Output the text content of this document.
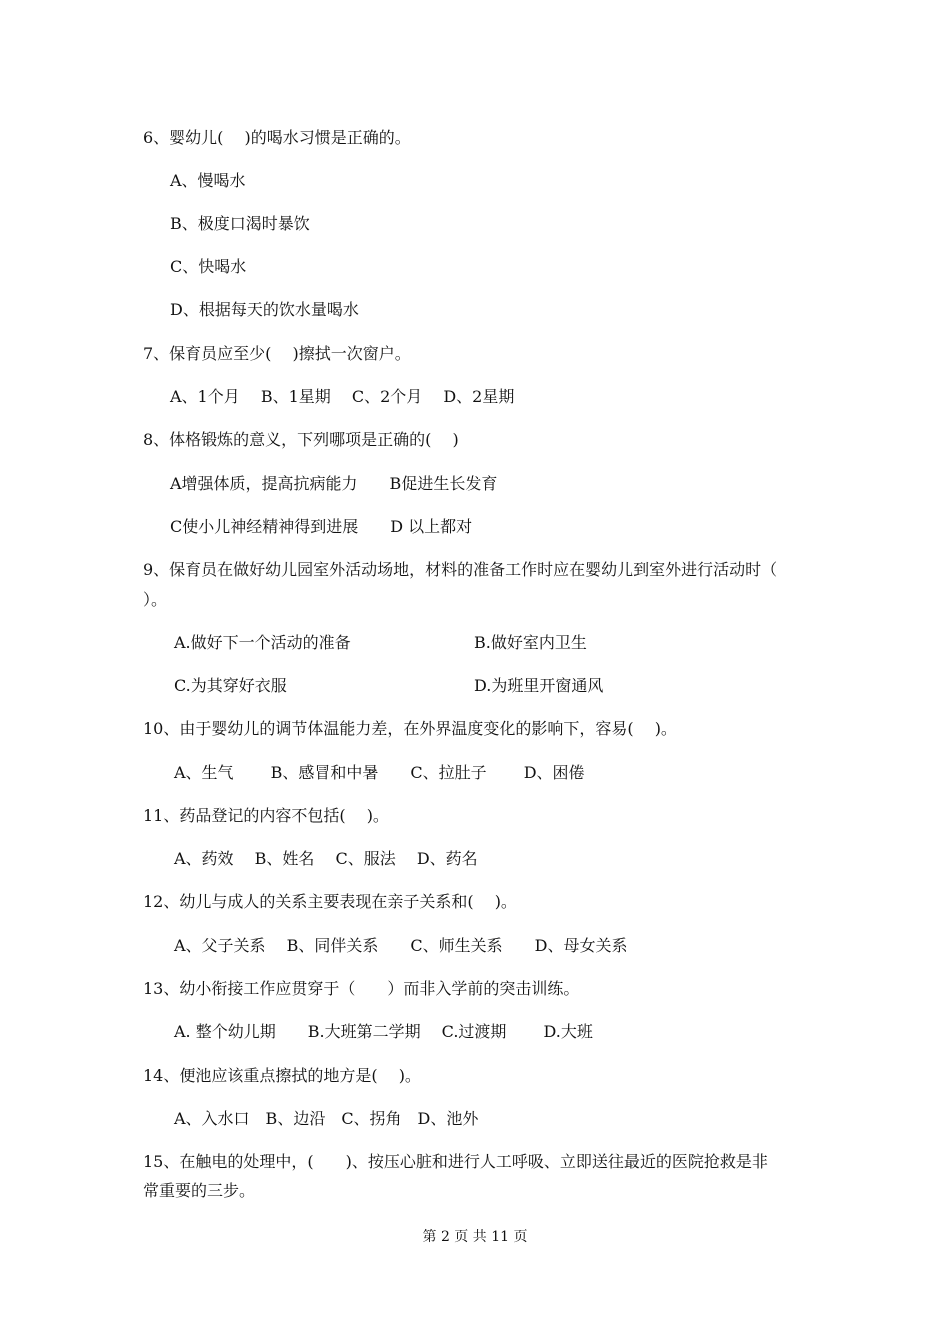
6、婴幼儿(　 )的喝水习惯是正确的。
A、慢喝水
B、极度口渴时暴饮
C、快喝水
D、根据每天的饮水量喝水
7、保育员应至少(　 )擦拭一次窗户。
A、1个月　 B、1星期　 C、2个月　 D、2星期
8、体格锻炼的意义，下列哪项是正确的(　 )
A增强体质，提高抗病能力　　B促进生长发育
C使小儿神经精神得到进展　　D 以上都对
9、保育员在做好幼儿园室外活动场地，材料的准备工作时应在婴幼儿到室外进行活动时（
）。
A.做好下一个活动的准备	B.做好室内卫生
C.为其穿好衣服	D.为班里开窗通风
10、由于婴幼儿的调节体温能力差，在外界温度变化的影响下，容易(　 )。
A、生气　　 B、感冒和中暑　　C、拉肚子　　 D、困倦
11、药品登记的内容不包括(　 )。
A、药效　 B、姓名　 C、服法　 D、药名
12、幼儿与成人的关系主要表现在亲子关系和(　 )。
A、父子关系　 B、同伴关系　　C、师生关系　　D、母女关系
13、幼小衔接工作应贯穿于（　　）而非入学前的突击训练。
A. 整个幼儿期　　B.大班第二学期　 C.过渡期　　 D.大班
14、便池应该重点擦拭的地方是(　 )。
A、入水口　B、边沿　C、拐角　D、池外
15、在触电的处理中，(　　)、按压心脏和进行人工呼吸、立即送往最近的医院抢救是非
常重要的三步。
第 2 页 共 11 页
